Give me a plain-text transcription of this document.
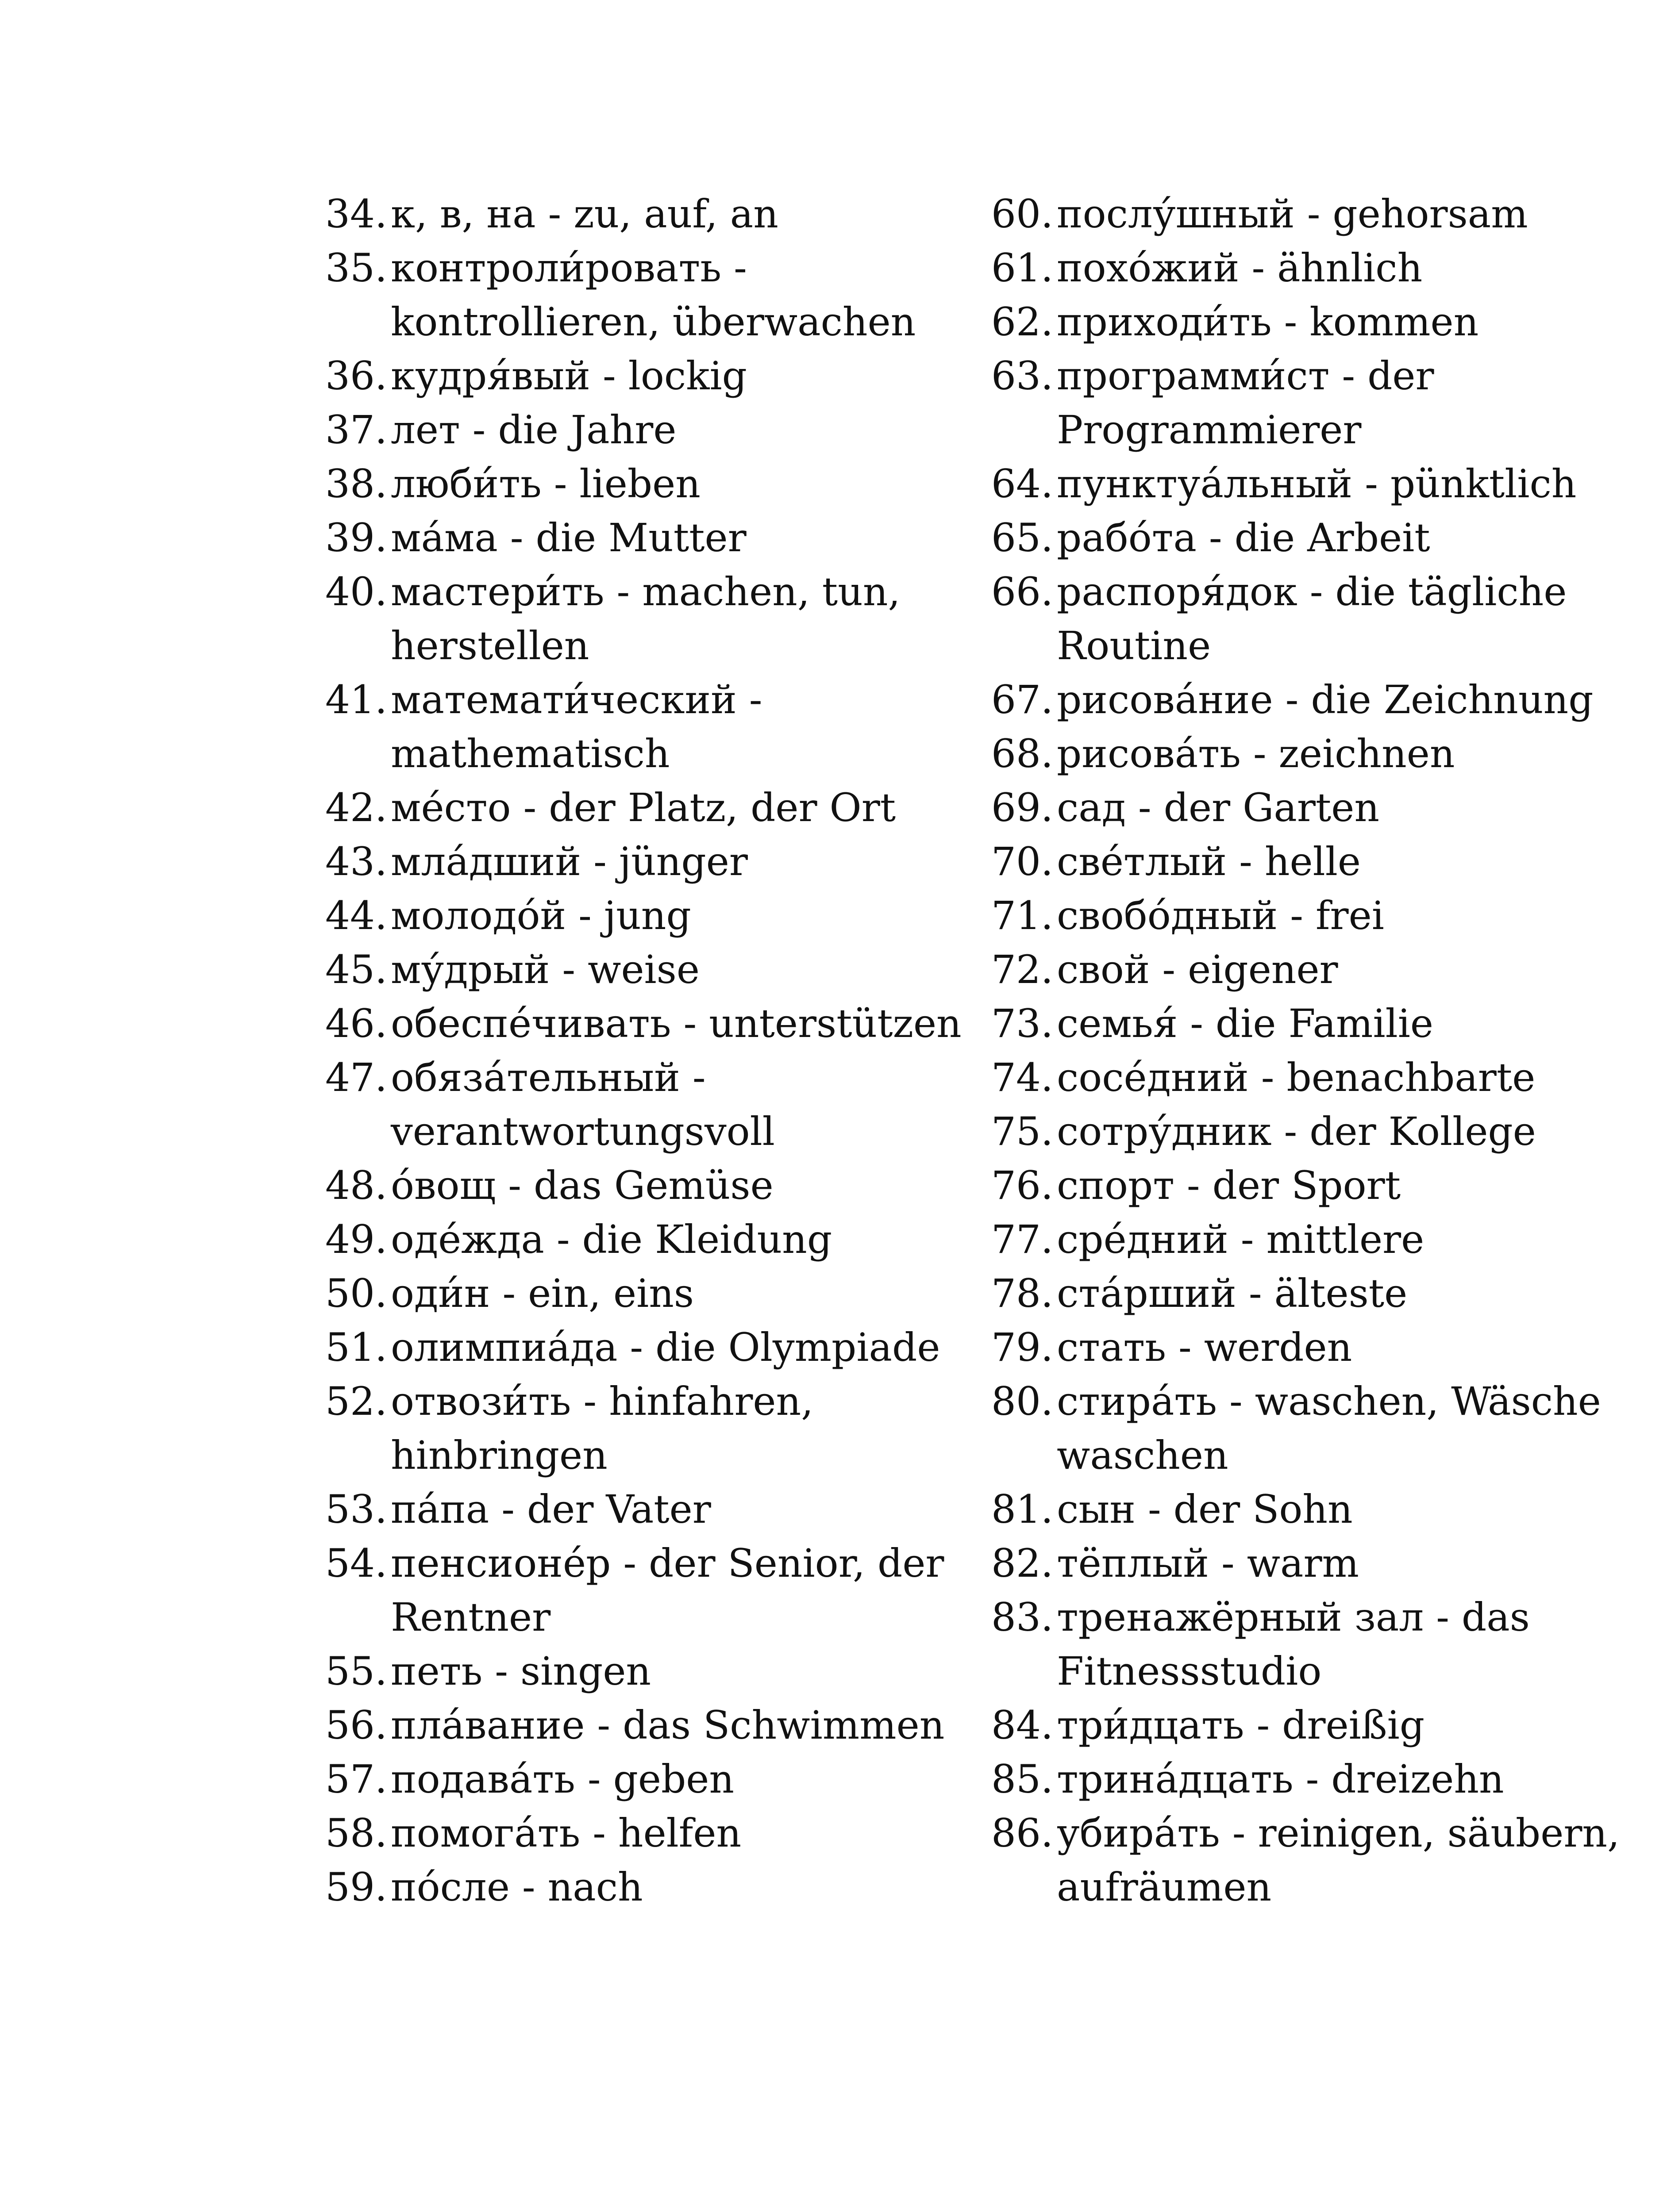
34. к, в, на - zu, auf, an
35. контроли́ровать - kontrollieren, überwachen
36. кудря́вый - lockig
37. лет - die Jahre
38. люби́ть - lieben
39. ма́ма - die Mutter
40. мастери́ть - machen, tun, herstellen
41. математи́ческий - mathematisch
42. ме́сто - der Platz, der Ort
43. мла́дший - jünger
44. молодо́й - jung
45. му́дрый - weise
46. обеспе́чивать - unterstützen
47. обяза́тельный - verantwortungsvoll
48. о́вощ - das Gemüse
49. оде́жда - die Kleidung
50. оди́н - ein, eins
51. олимпиа́да - die Olympiade
52. отвози́ть - hinfahren, hinbringen
53. па́па - der Vater
54. пенсионе́р - der Senior, der Rentner
55. петь - singen
56. пла́вание - das Schwimmen
57. подава́ть - geben
58. помога́ть - helfen
59. по́сле - nach
60. послу́шный - gehorsam
61. похо́жий - ähnlich
62. приходи́ть - kommen
63. программи́ст - der Programmierer
64. пунктуа́льный - pünktlich
65. рабо́та - die Arbeit
66. распоря́док - die tägliche Routine
67. рисова́ние - die Zeichnung
68. рисова́ть - zeichnen
69. сад - der Garten
70. све́тлый - helle
71. свобо́дный - frei
72. свой - eigener
73. семья́ - die Familie
74. сосе́дний - benachbarte
75. сотру́дник - der Kollege
76. спорт - der Sport
77. сре́дний - mittlere
78. ста́рший - älteste
79. стать - werden
80. стира́ть - waschen, Wäsche waschen
81. сын - der Sohn
82. тёплый - warm
83. тренажёрный зал - das Fitnessstudio
84. три́дцать - dreißig
85. трина́дцать - dreizehn
86. убира́ть - reinigen, säubern, aufräumen
